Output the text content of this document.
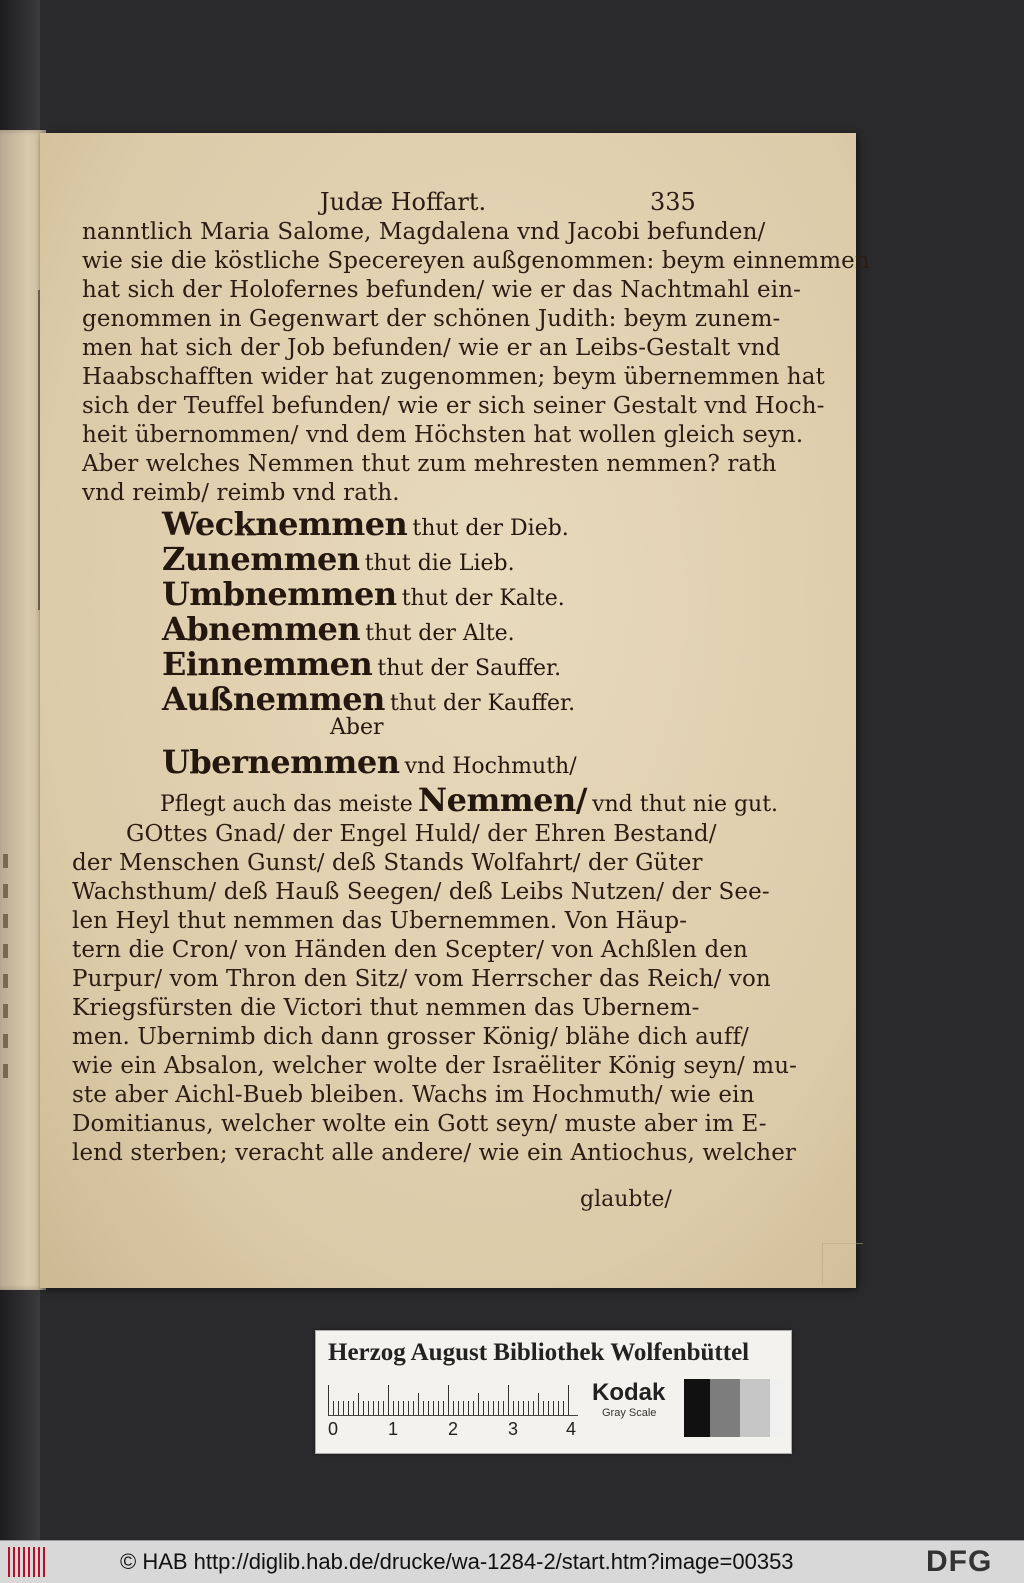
Judæ Hoffart.	335
nanntlich Maria Salome, Magdalena vnd Jacobi befunden/
wie sie die köstliche Specereyen außgenommen: beym einnemmen
hat sich der Holofernes befunden/ wie er das Nachtmahl ein-
genommen in Gegenwart der schönen Judith: beym zunem-
men hat sich der Job befunden/ wie er an Leibs-Gestalt vnd
Haabschafften wider hat zugenommen; beym übernemmen hat
sich der Teuffel befunden/ wie er sich seiner Gestalt vnd Hoch-
heit übernommen/ vnd dem Höchsten hat wollen gleich seyn.
Aber welches Nemmen thut zum mehresten nemmen? rath
vnd reimb/ reimb vnd rath.
Wecknemmen thut der Dieb.
Zunemmen thut die Lieb.
Umbnemmen thut der Kalte.
Abnemmen thut der Alte.
Einnemmen thut der Sauffer.
Außnemmen thut der Kauffer.
Aber
Ubernemmen vnd Hochmuth/
Pflegt auch das meiste Nemmen/ vnd thut nie gut.
GOttes Gnad/ der Engel Huld/ der Ehren Bestand/
der Menschen Gunst/ deß Stands Wolfahrt/ der Güter
Wachsthum/ deß Hauß Seegen/ deß Leibs Nutzen/ der See-
len Heyl thut nemmen das Ubernemmen. Von Häup-
tern die Cron/ von Händen den Scepter/ von Achßlen den
Purpur/ vom Thron den Sitz/ vom Herrscher das Reich/ von
Kriegsfürsten die Victori thut nemmen das Ubernem-
men. Ubernimb dich dann grosser König/ blähe dich auff/
wie ein Absalon, welcher wolte der Israëliter König seyn/ mu-
ste aber Aichl-Bueb bleiben. Wachs im Hochmuth/ wie ein
Domitianus, welcher wolte ein Gott seyn/ muste aber im E-
lend sterben; veracht alle andere/ wie ein Antiochus, welcher
glaubte/
Herzog August Bibliothek Wolfenbüttel
0	1	2	3	4
Kodak
Gray Scale
© HAB http://diglib.hab.de/drucke/wa-1284-2/start.htm?image=00353	DFG
